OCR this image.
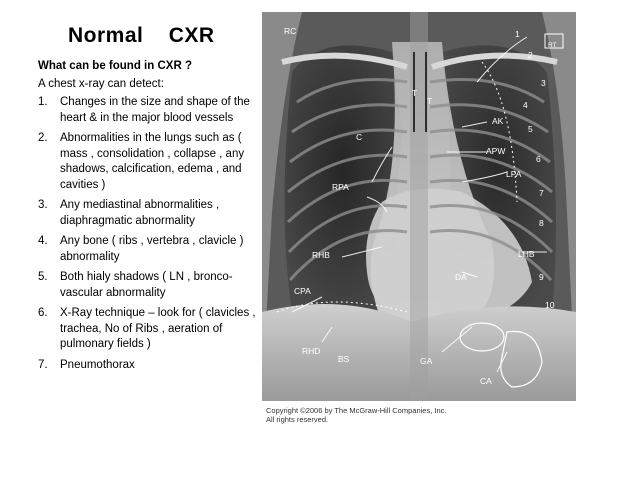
Normal    CXR
What can be found in CXR ?
A chest x-ray can detect:
1.	Changes in the size and shape of the heart & in the major blood vessels
2.	Abnormalities in the lungs such as ( mass , consolidation , collapse , any shadows, calcification, edema , and cavities )
3.	Any mediastinal abnormalities , diaphragmatic abnormality
4.	Any bone ( ribs , vertebra , clavicle ) abnormality
5.	Both hialy shadows ( LN , bronco-vascular abnormality
6.	X-Ray technique – look for ( clavicles , trachea, No of Ribs , aeration of pulmonary fields )
7.	Pneumothorax
RC
RT
T
T
C
AK
APW
LPA
RPA
RHB	LHB
DA
CPA
RHD
BS	GA
CA
1
2
3
4
5
6
7
8
9
10
Copyright ©2006 by The McGraw-Hill Companies, Inc.
All rights reserved.
